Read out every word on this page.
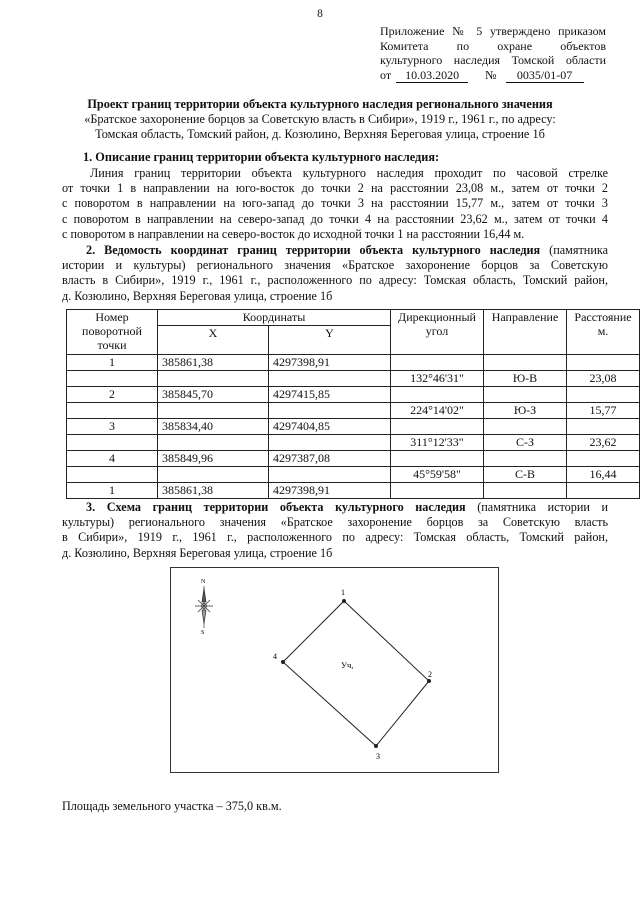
8
Приложение № 5 утверждено приказом
Комитета по охране объектов
культурного наследия Томской области
от 10.03.2020 № 0035/01-07
Проект границ территории объекта культурного наследия регионального значения
«Братское захоронение борцов за Советскую власть в Сибири», 1919 г., 1961 г., по адресу:
Томская область, Томский район, д. Козюлино, Верхняя Береговая улица, строение 1б
1. Описание границ территории объекта культурного наследия:
Линия границ территории объекта культурного наследия проходит по часовой стрелке
от точки 1 в направлении на юго-восток до точки 2 на расстоянии 23,08 м., затем от точки 2
с поворотом в направлении на юго-запад до точки 3 на расстоянии 15,77 м., затем от точки 3
с поворотом в направлении на северо-запад до точки 4 на расстоянии 23,62 м., затем от точки 4
с поворотом в направлении на северо-восток до исходной точки 1 на расстоянии 16,44 м.
2. Ведомость координат границ территории объекта культурного наследия (памятника
истории и культуры) регионального значения «Братское захоронение борцов за Советскую
власть в Сибири», 1919 г., 1961 г., расположенного по адресу: Томская область, Томский район,
д. Козюлино, Верхняя Береговая улица, строение 1б
Номер поворотной точки	Координаты		Дирекционный угол	Направление	Расстояние м.
	X	Y			
1	385861,38	4297398,91			
			132°46'31"	Ю-В	23,08
2	385845,70	4297415,85			
			224°14'02"	Ю-З	15,77
3	385834,40	4297404,85			
			311°12'33"	С-З	23,62
4	385849,96	4297387,08			
			45°59'58"	С-В	16,44
1	385861,38	4297398,91			
3. Схема границ территории объекта культурного наследия (памятника истории и
культуры) регионального значения «Братское захоронение борцов за Советскую власть
в Сибири», 1919 г., 1961 г., расположенного по адресу: Томская область, Томский район,
д. Козюлино, Верхняя Береговая улица, строение 1б
N
S
1
2
3
4
Уч,
Площадь земельного участка – 375,0 кв.м.
